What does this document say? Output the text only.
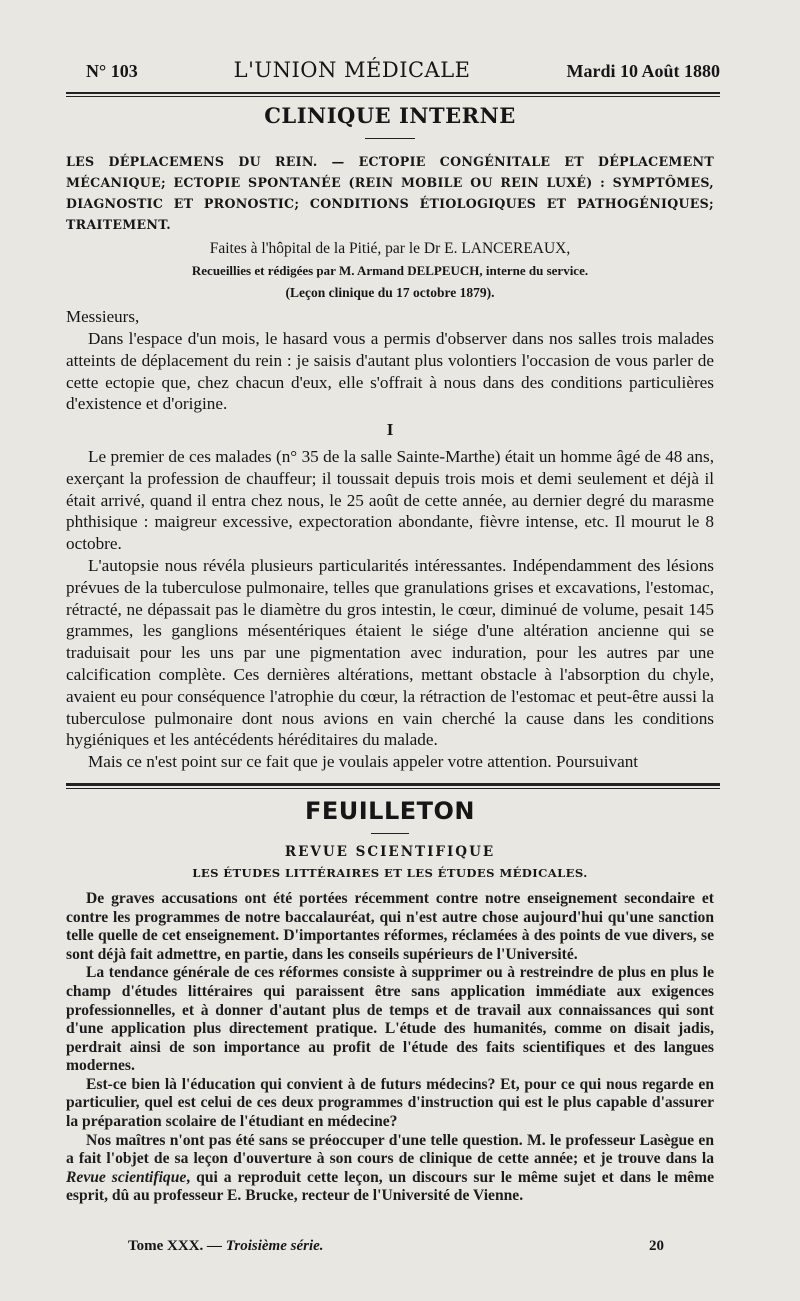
N° 103	L'UNION MÉDICALE	Mardi 10 Août 1880
CLINIQUE INTERNE

LES DÉPLACEMENS DU REIN. — ECTOPIE CONGÉNITALE ET DÉPLACEMENT MÉCANIQUE; ECTOPIE SPONTANÉE (REIN MOBILE OU REIN LUXÉ) : SYMPTÔMES, DIAGNOSTIC ET PRONOSTIC; CONDITIONS ÉTIOLOGIQUES ET PATHOGÉNIQUES; TRAITEMENT.

Faites à l'hôpital de la Pitié, par le Dr E. LANCEREAUX,
Recueillies et rédigées par M. Armand DELPEUCH, interne du service.
(Leçon clinique du 17 octobre 1879).
Messieurs,

Dans l'espace d'un mois, le hasard vous a permis d'observer dans nos salles trois malades atteints de déplacement du rein : je saisis d'autant plus volontiers l'occasion de vous parler de cette ectopie que, chez chacun d'eux, elle s'offrait à nous dans des conditions particulières d'existence et d'origine.

I

Le premier de ces malades (n° 35 de la salle Sainte-Marthe) était un homme âgé de 48 ans, exerçant la profession de chauffeur; il toussait depuis trois mois et demi seulement et déjà il était arrivé, quand il entra chez nous, le 25 août de cette année, au dernier degré du marasme phthisique : maigreur excessive, expectoration abondante, fièvre intense, etc. Il mourut le 8 octobre.

L'autopsie nous révéla plusieurs particularités intéressantes. Indépendamment des lésions prévues de la tuberculose pulmonaire, telles que granulations grises et excavations, l'estomac, rétracté, ne dépassait pas le diamètre du gros intestin, le cœur, diminué de volume, pesait 145 grammes, les ganglions mésentériques étaient le siége d'une altération ancienne qui se traduisait pour les uns par une pigmentation avec induration, pour les autres par une calcification complète. Ces dernières altérations, mettant obstacle à l'absorption du chyle, avaient eu pour conséquence l'atrophie du cœur, la rétraction de l'estomac et peut-être aussi la tuberculose pulmonaire dont nous avions en vain cherché la cause dans les conditions hygiéniques et les antécédents héréditaires du malade.

Mais ce n'est point sur ce fait que je voulais appeler votre attention. Poursuivant

FEUILLETON
REVUE SCIENTIFIQUE
LES ÉTUDES LITTÉRAIRES ET LES ÉTUDES MÉDICALES.

De graves accusations ont été portées récemment contre notre enseignement secondaire et contre les programmes de notre baccalauréat, qui n'est autre chose aujourd'hui qu'une sanction telle quelle de cet enseignement. D'importantes réformes, réclamées à des points de vue divers, se sont déjà fait admettre, en partie, dans les conseils supérieurs de l'Université.

La tendance générale de ces réformes consiste à supprimer ou à restreindre de plus en plus le champ d'études littéraires qui paraissent être sans application immédiate aux exigences professionnelles, et à donner d'autant plus de temps et de travail aux connaissances qui sont d'une application plus directement pratique. L'étude des humanités, comme on disait jadis, perdrait ainsi de son importance au profit de l'étude des faits scientifiques et des langues modernes.

Est-ce bien là l'éducation qui convient à de futurs médecins? Et, pour ce qui nous regarde en particulier, quel est celui de ces deux programmes d'instruction qui est le plus capable d'assurer la préparation scolaire de l'étudiant en médecine?

Nos maîtres n'ont pas été sans se préoccuper d'une telle question. M. le professeur Lasègue en a fait l'objet de sa leçon d'ouverture à son cours de clinique de cette année; et je trouve dans la Revue scientifique, qui a reproduit cette leçon, un discours sur le même sujet et dans le même esprit, dû au professeur E. Brucke, recteur de l'Université de Vienne.

Tome XXX. — Troisième série.	20
